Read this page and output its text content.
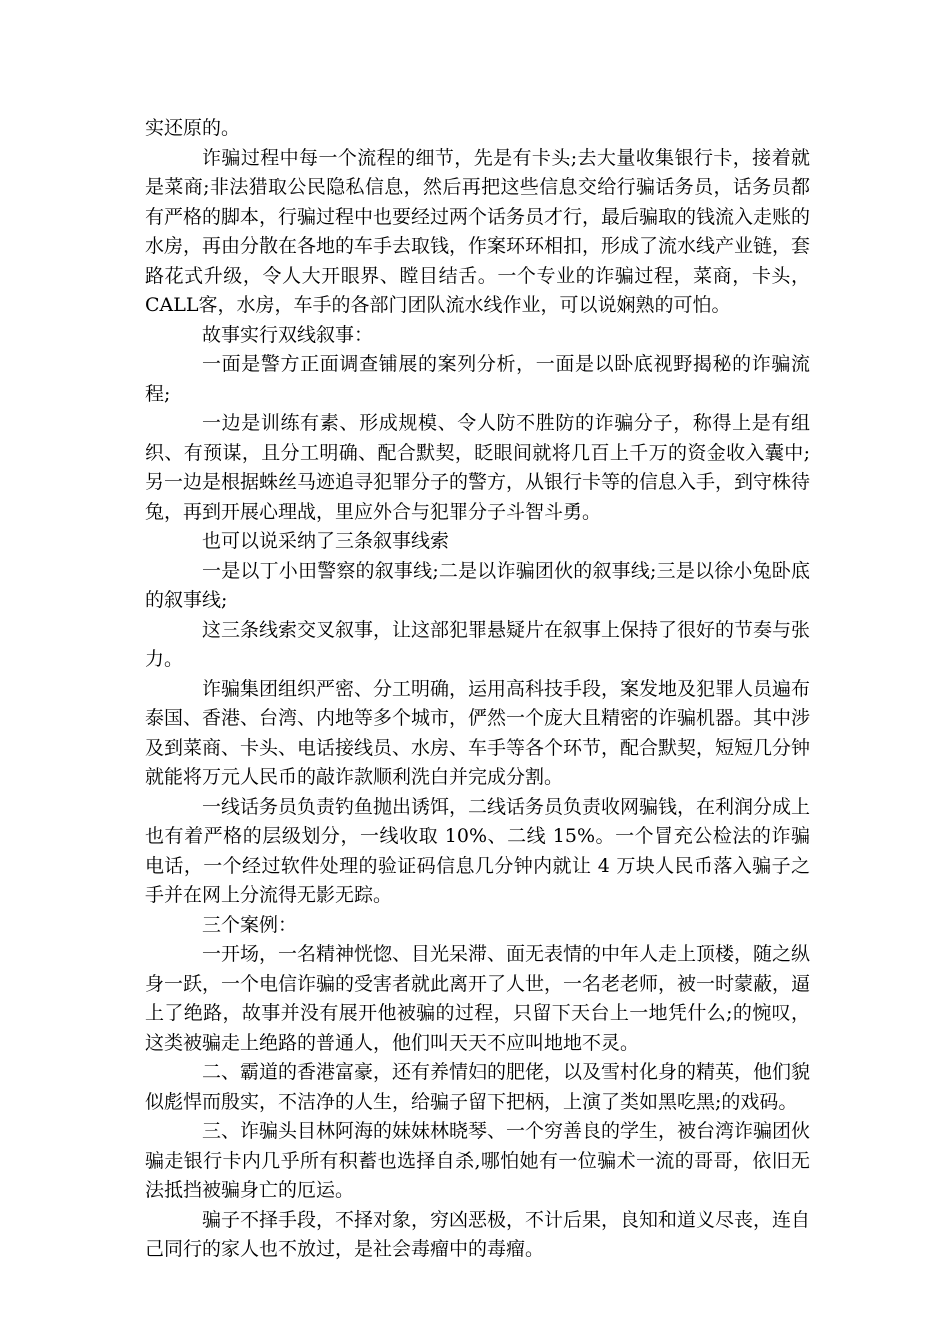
实还原的。

诈骗过程中每一个流程的细节，先是有卡头;去大量收集银行卡，接着就是菜商;非法猎取公民隐私信息，然后再把这些信息交给行骗话务员，话务员都有严格的脚本，行骗过程中也要经过两个话务员才行，最后骗取的钱流入走账的水房，再由分散在各地的车手去取钱，作案环环相扣，形成了流水线产业链，套路花式升级，令人大开眼界、瞠目结舌。一个专业的诈骗过程，菜商，卡头，CALL客，水房，车手的各部门团队流水线作业，可以说娴熟的可怕。

故事实行双线叙事：

一面是警方正面调查铺展的案列分析，一面是以卧底视野揭秘的诈骗流程;

一边是训练有素、形成规模、令人防不胜防的诈骗分子，称得上是有组织、有预谋，且分工明确、配合默契，眨眼间就将几百上千万的资金收入囊中;另一边是根据蛛丝马迹追寻犯罪分子的警方，从银行卡等的信息入手，到守株待兔，再到开展心理战，里应外合与犯罪分子斗智斗勇。

也可以说采纳了三条叙事线索

一是以丁小田警察的叙事线;二是以诈骗团伙的叙事线;三是以徐小兔卧底的叙事线;

这三条线索交叉叙事，让这部犯罪悬疑片在叙事上保持了很好的节奏与张力。

诈骗集团组织严密、分工明确，运用高科技手段，案发地及犯罪人员遍布泰国、香港、台湾、内地等多个城市，俨然一个庞大且精密的诈骗机器。其中涉及到菜商、卡头、电话接线员、水房、车手等各个环节，配合默契，短短几分钟就能将万元人民币的敲诈款顺利洗白并完成分割。

一线话务员负责钓鱼抛出诱饵，二线话务员负责收网骗钱，在利润分成上也有着严格的层级划分，一线收取 10%、二线 15%。一个冒充公检法的诈骗电话，一个经过软件处理的验证码信息几分钟内就让 4 万块人民币落入骗子之手并在网上分流得无影无踪。

三个案例：

一开场，一名精神恍惚、目光呆滞、面无表情的中年人走上顶楼，随之纵身一跃，一个电信诈骗的受害者就此离开了人世，一名老老师，被一时蒙蔽，逼上了绝路，故事并没有展开他被骗的过程，只留下天台上一地凭什么;的惋叹，这类被骗走上绝路的普通人，他们叫天天不应叫地地不灵。

二、霸道的香港富豪，还有养情妇的肥佬，以及雪村化身的精英，他们貌似彪悍而殷实，不洁净的人生，给骗子留下把柄，上演了类如黑吃黑;的戏码。

三、诈骗头目林阿海的妹妹林晓琴、一个穷善良的学生，被台湾诈骗团伙骗走银行卡内几乎所有积蓄也选择自杀,哪怕她有一位骗术一流的哥哥，依旧无法抵挡被骗身亡的厄运。

骗子不择手段，不择对象，穷凶恶极，不计后果，良知和道义尽丧，连自己同行的家人也不放过，是社会毒瘤中的毒瘤。
